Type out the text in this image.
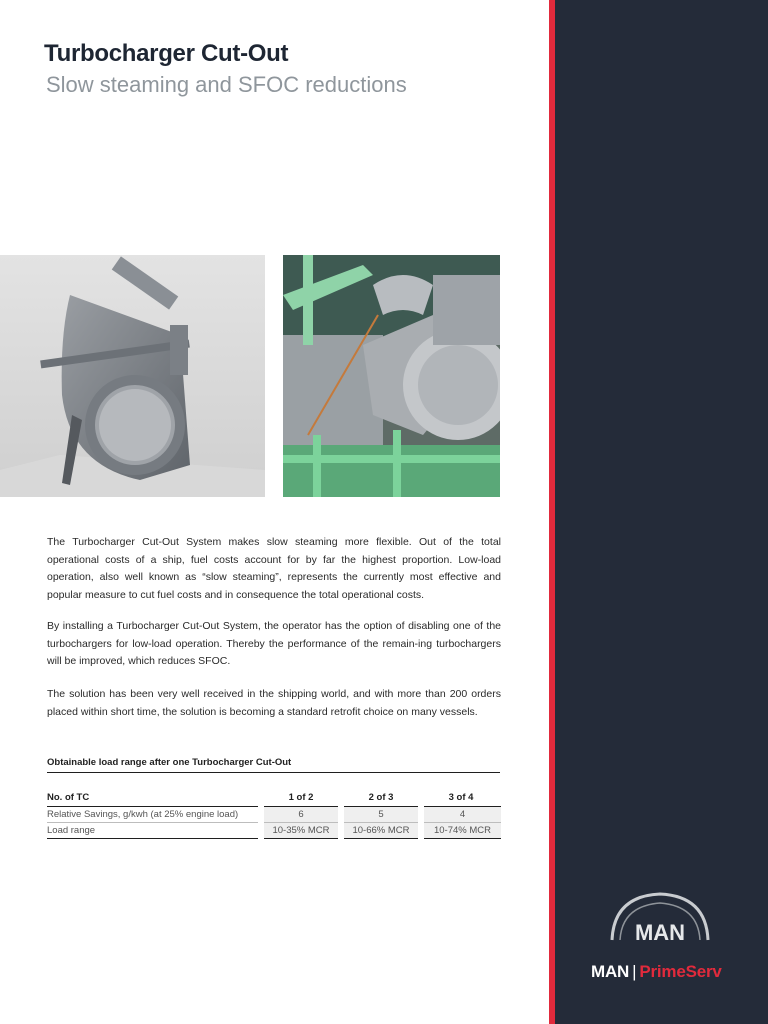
Turbocharger Cut-Out
Slow steaming and SFOC reductions

The Turbocharger Cut-Out System makes slow steaming more flexible. Out of the total operational costs of a ship, fuel costs account for by far the highest proportion. Low-load operation, also well known as “slow steaming”, represents the currently most effective and popular measure to cut fuel costs and in consequence the total operational costs.

By installing a Turbocharger Cut-Out System, the operator has the option of disabling one of the turbochargers for low-load operation. Thereby the performance of the remain-ing turbochargers will be improved, which reduces SFOC.

The solution has been very well received in the shipping world, and with more than 200 orders placed within short time, the solution is becoming a standard retrofit choice on many vessels.

Obtainable load range after one Turbocharger Cut-Out
No. of TC	1 of 2	2 of 3	3 of 4
Relative Savings, g/kwh (at 25% engine load)	6	5	4
Load range	10-35% MCR	10-66% MCR	10-74% MCR
MAN
MAN | PrimeServ
